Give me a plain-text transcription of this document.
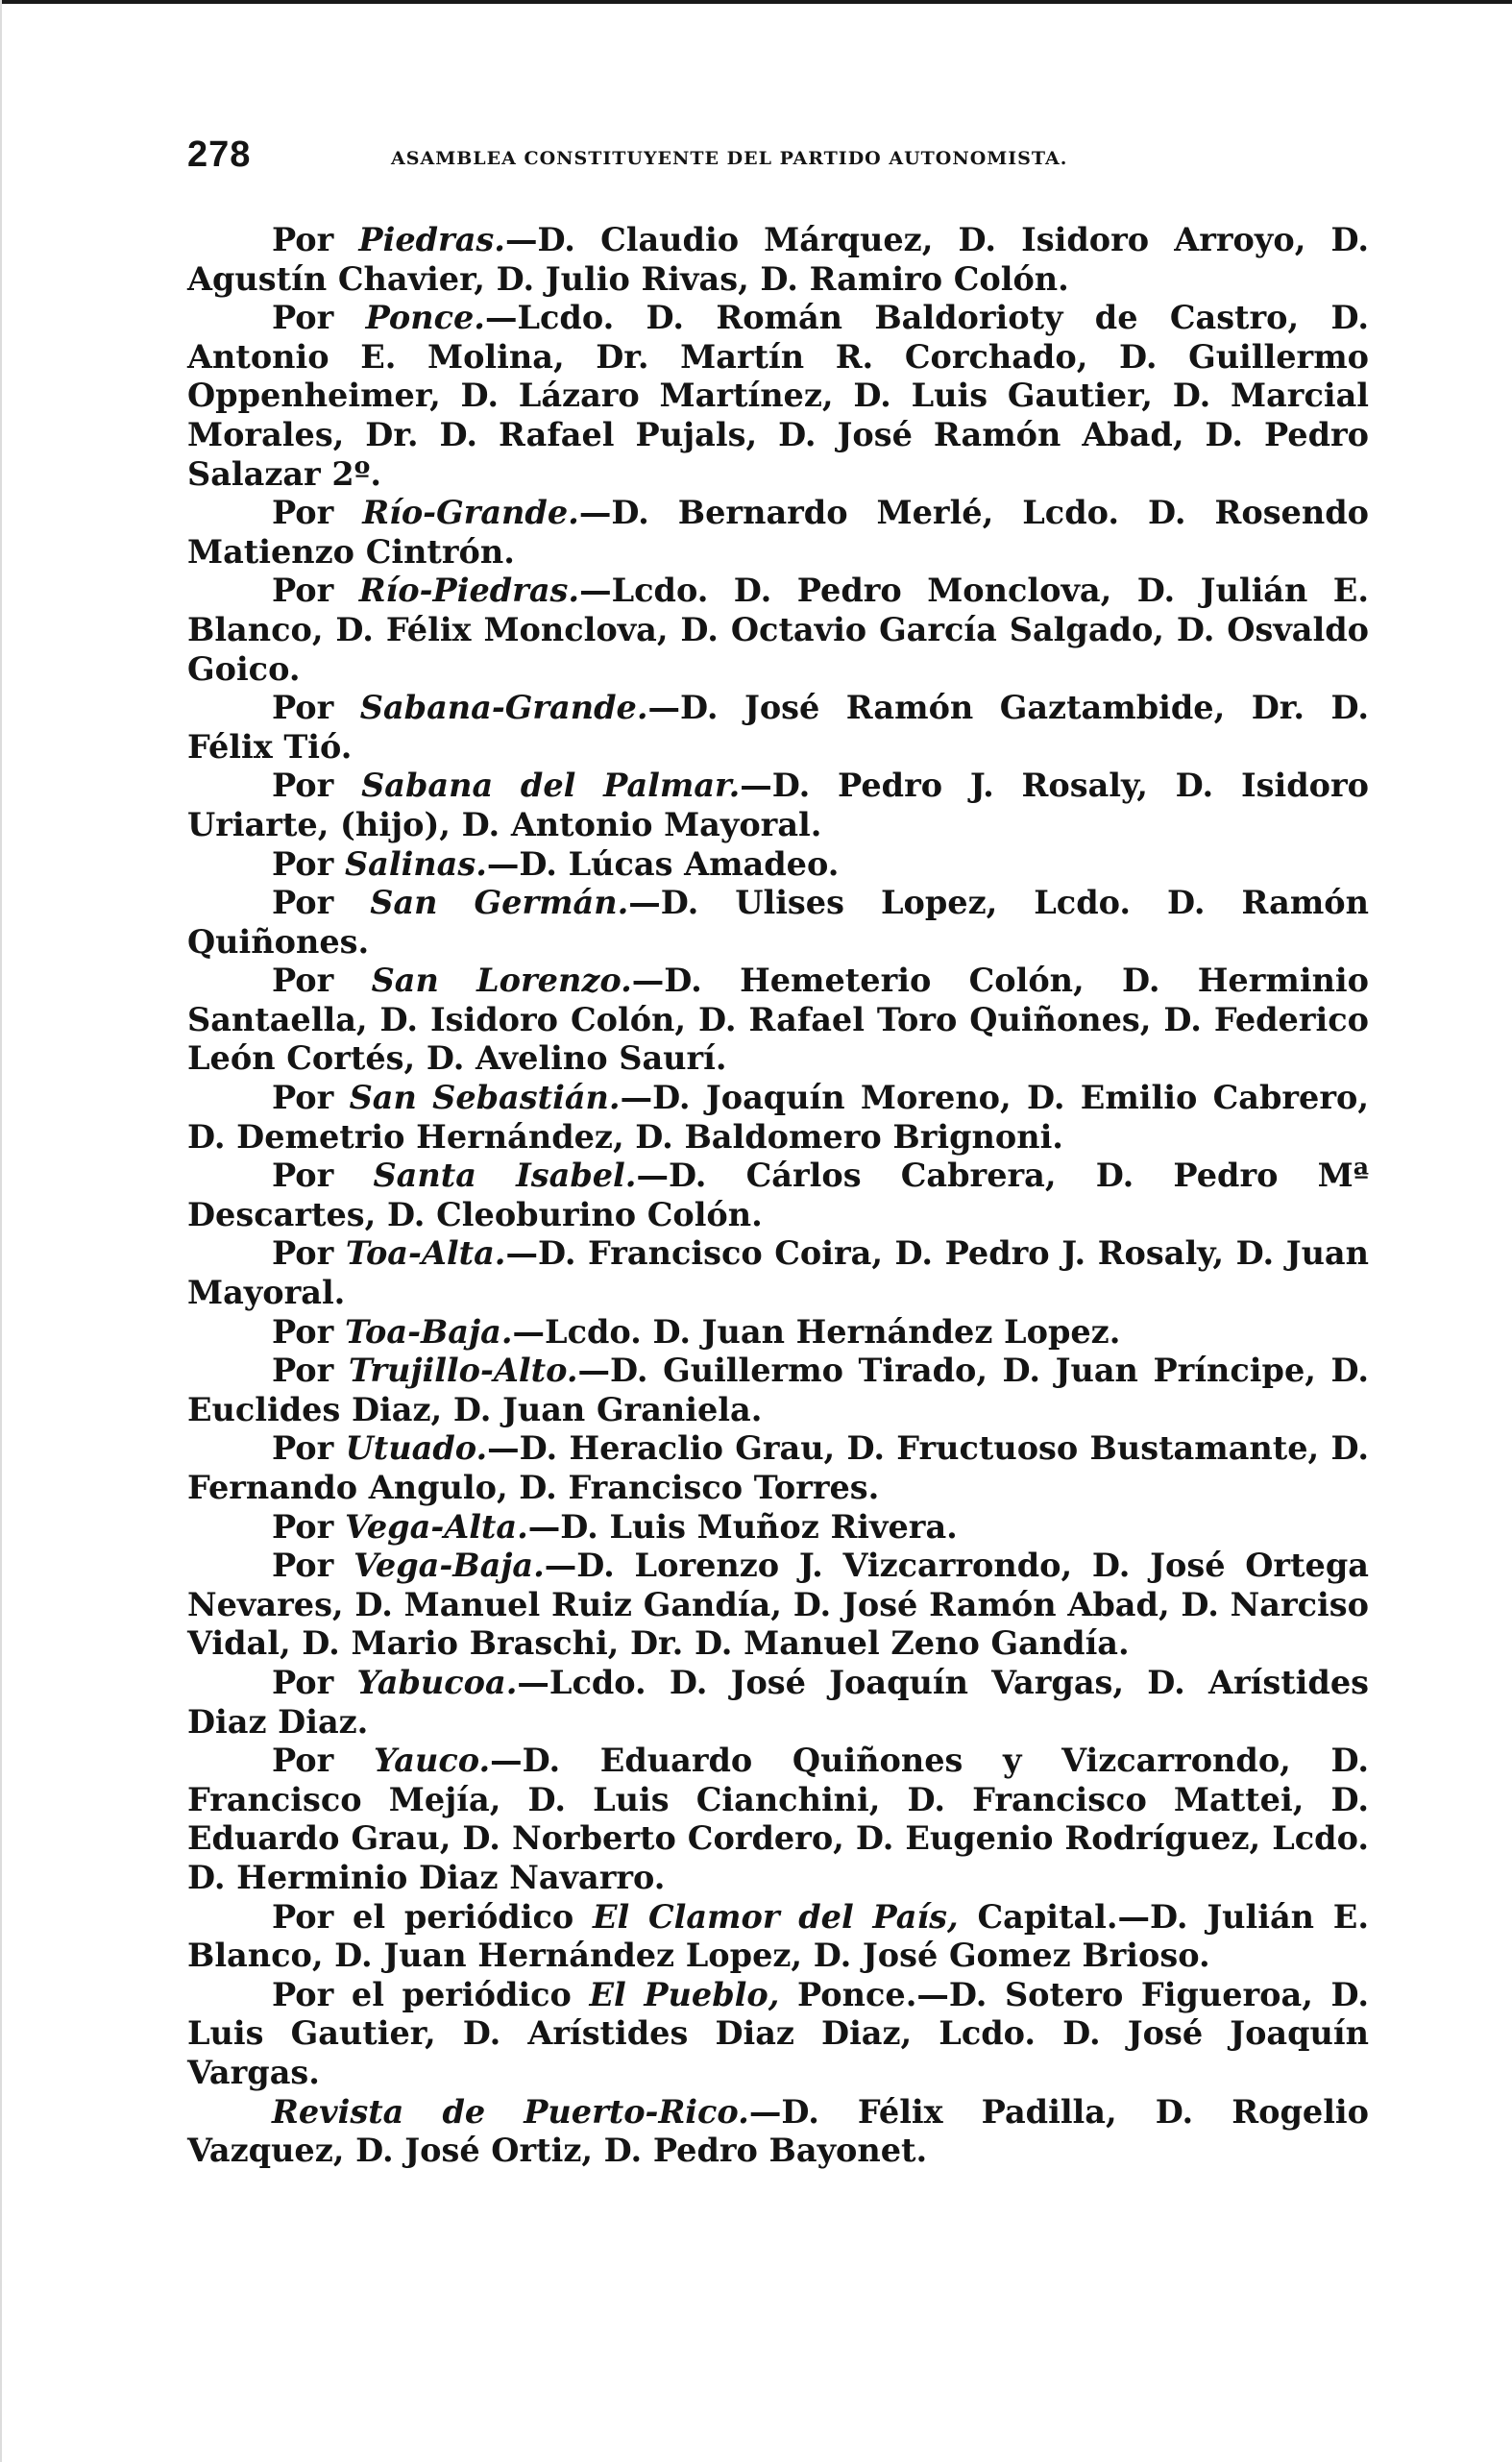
278	ASAMBLEA CONSTITUYENTE DEL PARTIDO AUTONOMISTA.

Por Piedras.—D. Claudio Márquez, D. Isidoro Arroyo, D. Agustín Chavier, D. Julio Rivas, D. Ramiro Colón.

Por Ponce.—Lcdo. D. Román Baldorioty de Castro, D. Antonio E. Molina, Dr. Martín R. Corchado, D. Guillermo Oppenheimer, D. Lázaro Martínez, D. Luis Gautier, D. Marcial Morales, Dr. D. Rafael Pujals, D. José Ramón Abad, D. Pedro Salazar 2º.

Por Río-Grande.—D. Bernardo Merlé, Lcdo. D. Rosendo Matienzo Cintrón.

Por Río-Piedras.—Lcdo. D. Pedro Monclova, D. Julián E. Blanco, D. Félix Monclova, D. Octavio García Salgado, D. Osvaldo Goico.

Por Sabana-Grande.—D. José Ramón Gaztambide, Dr. D. Félix Tió.

Por Sabana del Palmar.—D. Pedro J. Rosaly, D. Isidoro Uriarte, (hijo), D. Antonio Mayoral.

Por Salinas.—D. Lúcas Amadeo.

Por San Germán.—D. Ulises Lopez, Lcdo. D. Ramón Quiñones.

Por San Lorenzo.—D. Hemeterio Colón, D. Herminio Santaella, D. Isidoro Colón, D. Rafael Toro Quiñones, D. Federico León Cortés, D. Avelino Saurí.

Por San Sebastián.—D. Joaquín Moreno, D. Emilio Cabrero, D. Demetrio Hernández, D. Baldomero Brignoni.

Por Santa Isabel.—D. Cárlos Cabrera, D. Pedro Mª Descartes, D. Cleoburino Colón.

Por Toa-Alta.—D. Francisco Coira, D. Pedro J. Rosaly, D. Juan Mayoral.

Por Toa-Baja.—Lcdo. D. Juan Hernández Lopez.

Por Trujillo-Alto.—D. Guillermo Tirado, D. Juan Príncipe, D. Euclides Diaz, D. Juan Graniela.

Por Utuado.—D. Heraclio Grau, D. Fructuoso Bustamante, D. Fernando Angulo, D. Francisco Torres.

Por Vega-Alta.—D. Luis Muñoz Rivera.

Por Vega-Baja.—D. Lorenzo J. Vizcarrondo, D. José Ortega Nevares, D. Manuel Ruiz Gandía, D. José Ramón Abad, D. Narciso Vidal, D. Mario Braschi, Dr. D. Manuel Zeno Gandía.

Por Yabucoa.—Lcdo. D. José Joaquín Vargas, D. Arístides Diaz Diaz.

Por Yauco.—D. Eduardo Quiñones y Vizcarrondo, D. Francisco Mejía, D. Luis Cianchini, D. Francisco Mattei, D. Eduardo Grau, D. Norberto Cordero, D. Eugenio Rodríguez, Lcdo. D. Herminio Diaz Navarro.

Por el periódico El Clamor del País, Capital.—D. Julián E. Blanco, D. Juan Hernández Lopez, D. José Gomez Brioso.

Por el periódico El Pueblo, Ponce.—D. Sotero Figueroa, D. Luis Gautier, D. Arístides Diaz Diaz, Lcdo. D. José Joaquín Vargas.

Revista de Puerto-Rico.—D. Félix Padilla, D. Rogelio Vazquez, D. José Ortiz, D. Pedro Bayonet.
